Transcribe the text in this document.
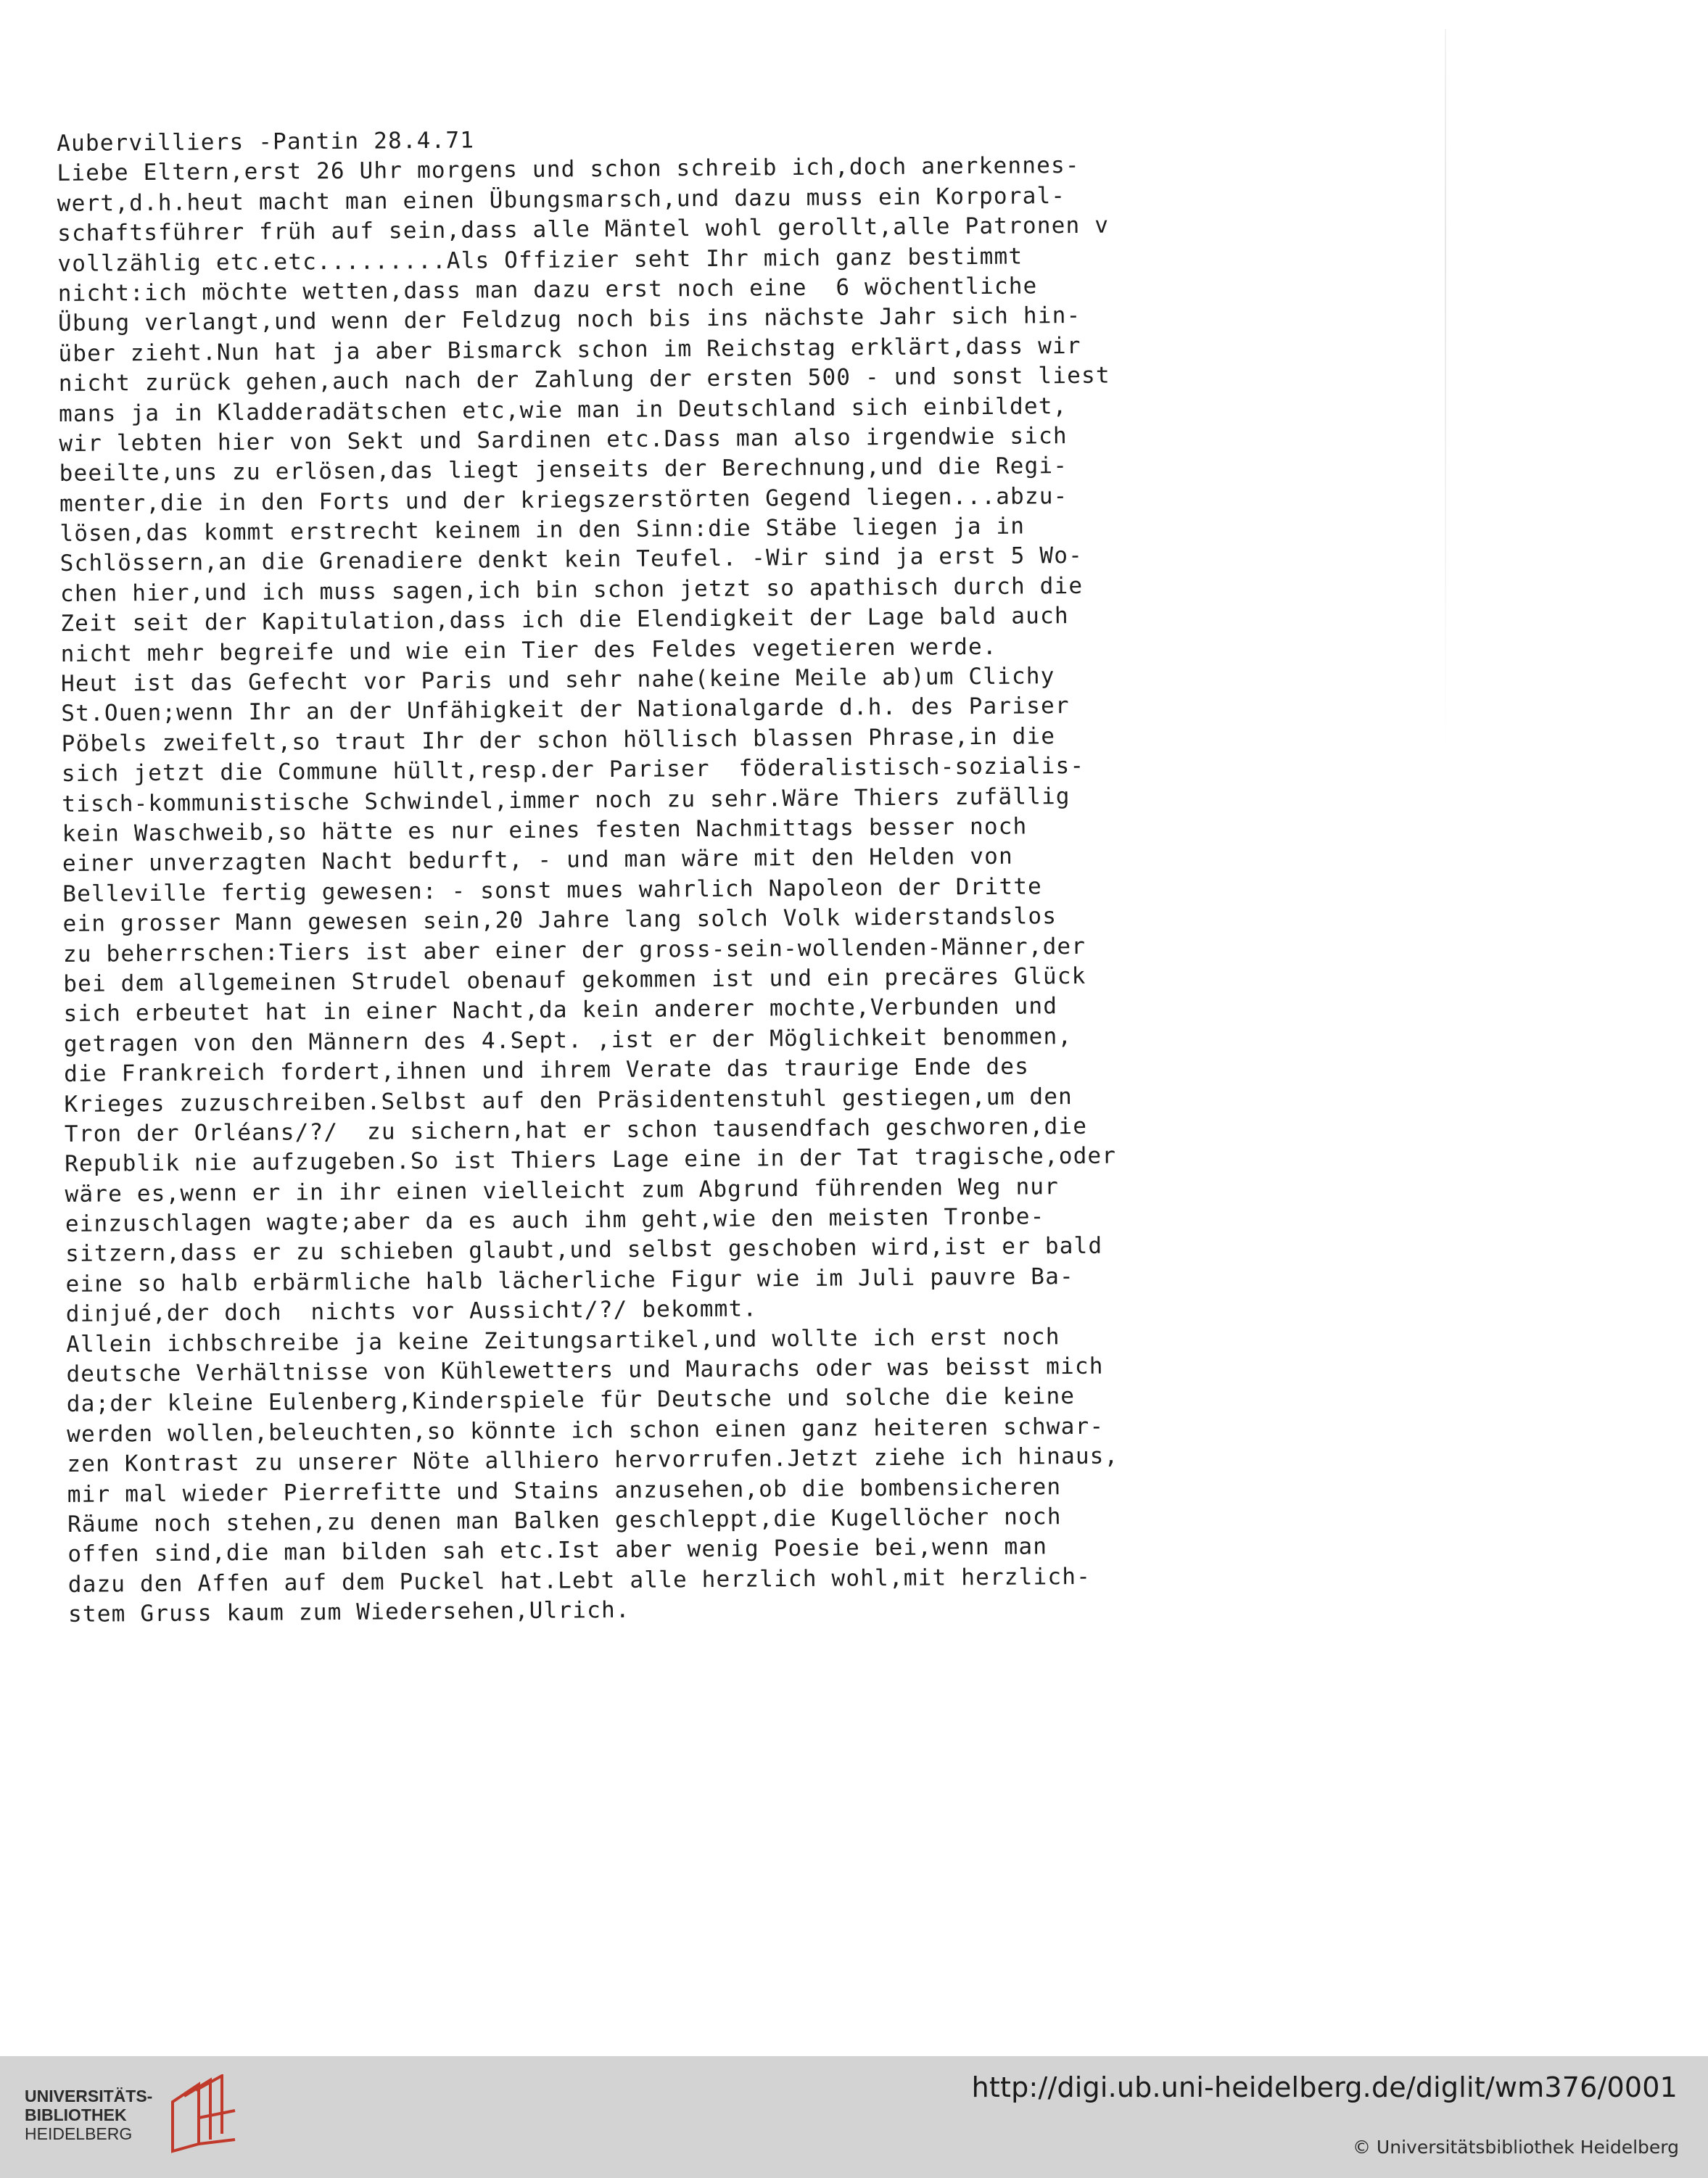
Aubervilliers -Pantin 28.4.71
Liebe Eltern,erst 26 Uhr morgens und schon schreib ich,doch anerkennes-
wert,d.h.heut macht man einen Übungsmarsch,und dazu muss ein Korporal-
schaftsführer früh auf sein,dass alle Mäntel wohl gerollt,alle Patronen v
vollzählig etc.etc.........Als Offizier seht Ihr mich ganz bestimmt
nicht:ich möchte wetten,dass man dazu erst noch eine  6 wöchentliche
Übung verlangt,und wenn der Feldzug noch bis ins nächste Jahr sich hin-
über zieht.Nun hat ja aber Bismarck schon im Reichstag erklärt,dass wir
nicht zurück gehen,auch nach der Zahlung der ersten 500 - und sonst liest
mans ja in Kladderadätschen etc,wie man in Deutschland sich einbildet,
wir lebten hier von Sekt und Sardinen etc.Dass man also irgendwie sich
beeilte,uns zu erlösen,das liegt jenseits der Berechnung,und die Regi-
menter,die in den Forts und der kriegszerstörten Gegend liegen...abzu-
lösen,das kommt erstrecht keinem in den Sinn:die Stäbe liegen ja in
Schlössern,an die Grenadiere denkt kein Teufel. -Wir sind ja erst 5 Wo-
chen hier,und ich muss sagen,ich bin schon jetzt so apathisch durch die
Zeit seit der Kapitulation,dass ich die Elendigkeit der Lage bald auch
nicht mehr begreife und wie ein Tier des Feldes vegetieren werde.
Heut ist das Gefecht vor Paris und sehr nahe(keine Meile ab)um Clichy
St.Ouen;wenn Ihr an der Unfähigkeit der Nationalgarde d.h. des Pariser
Pöbels zweifelt,so traut Ihr der schon höllisch blassen Phrase,in die
sich jetzt die Commune hüllt,resp.der Pariser  föderalistisch-sozialis-
tisch-kommunistische Schwindel,immer noch zu sehr.Wäre Thiers zufällig
kein Waschweib,so hätte es nur eines festen Nachmittags besser noch
einer unverzagten Nacht bedurft, - und man wäre mit den Helden von
Belleville fertig gewesen: - sonst mues wahrlich Napoleon der Dritte
ein grosser Mann gewesen sein,20 Jahre lang solch Volk widerstandslos
zu beherrschen:Tiers ist aber einer der gross-sein-wollenden-Männer,der
bei dem allgemeinen Strudel obenauf gekommen ist und ein precäres Glück
sich erbeutet hat in einer Nacht,da kein anderer mochte,Verbunden und
getragen von den Männern des 4.Sept. ,ist er der Möglichkeit benommen,
die Frankreich fordert,ihnen und ihrem Verate das traurige Ende des
Krieges zuzuschreiben.Selbst auf den Präsidentenstuhl gestiegen,um den
Tron der Orléans/?/  zu sichern,hat er schon tausendfach geschworen,die
Republik nie aufzugeben.So ist Thiers Lage eine in der Tat tragische,oder
wäre es,wenn er in ihr einen vielleicht zum Abgrund führenden Weg nur
einzuschlagen wagte;aber da es auch ihm geht,wie den meisten Tronbe-
sitzern,dass er zu schieben glaubt,und selbst geschoben wird,ist er bald
eine so halb erbärmliche halb lächerliche Figur wie im Juli pauvre Ba-
dinjué,der doch  nichts vor Aussicht/?/ bekommt.
Allein ichbschreibe ja keine Zeitungsartikel,und wollte ich erst noch
deutsche Verhältnisse von Kühlewetters und Maurachs oder was beisst mich
da;der kleine Eulenberg,Kinderspiele für Deutsche und solche die keine
werden wollen,beleuchten,so könnte ich schon einen ganz heiteren schwar-
zen Kontrast zu unserer Nöte allhiero hervorrufen.Jetzt ziehe ich hinaus,
mir mal wieder Pierrefitte und Stains anzusehen,ob die bombensicheren
Räume noch stehen,zu denen man Balken geschleppt,die Kugellöcher noch
offen sind,die man bilden sah etc.Ist aber wenig Poesie bei,wenn man
dazu den Affen auf dem Puckel hat.Lebt alle herzlich wohl,mit herzlich-
stem Gruss kaum zum Wiedersehen,Ulrich.
UNIVERSITÄTS-
BIBLIOTHEK
HEIDELBERG
http://digi.ub.uni-heidelberg.de/diglit/wm376/0001
© Universitätsbibliothek Heidelberg
